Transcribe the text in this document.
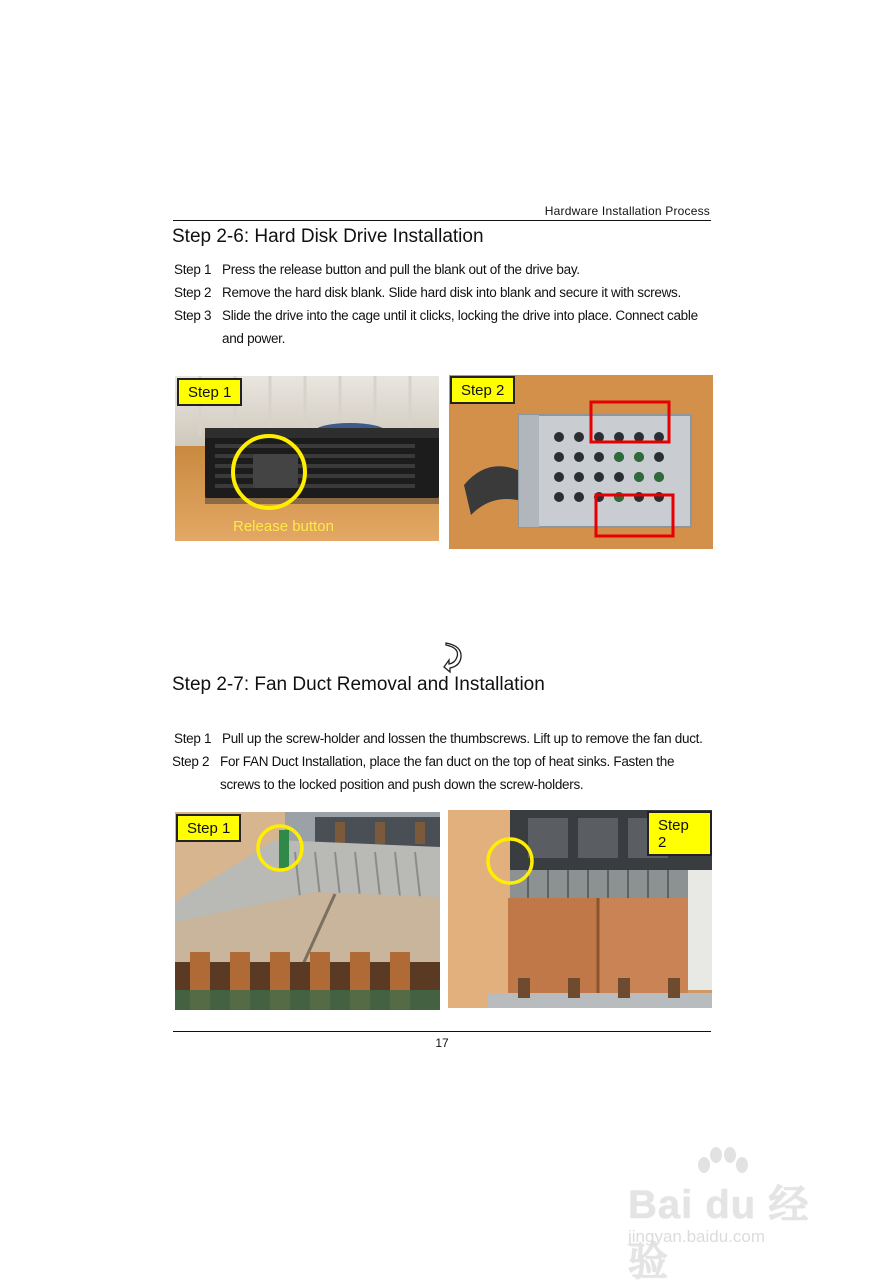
Hardware Installation Process
Step 2-6: Hard Disk Drive Installation
Step 1 Press the release button and pull the blank out of the drive bay.
Step 2 Remove the hard disk blank. Slide hard disk into blank and secure it with screws.
Step 3 Slide the drive into the cage until it clicks, locking the drive into place. Connect cable and power.
Step 1
Release button
Step 2
Step 2-7: Fan Duct Removal and Installation
Step 1 Pull up the screw-holder and lossen the thumbscrews. Lift up to remove the fan duct.
Step 2 For FAN Duct Installation, place the fan duct on the top of heat sinks. Fasten the screws to the locked position and push down the screw-holders.
Step 1	Step 2
17
Bai du 经验
jingyan.baidu.com
